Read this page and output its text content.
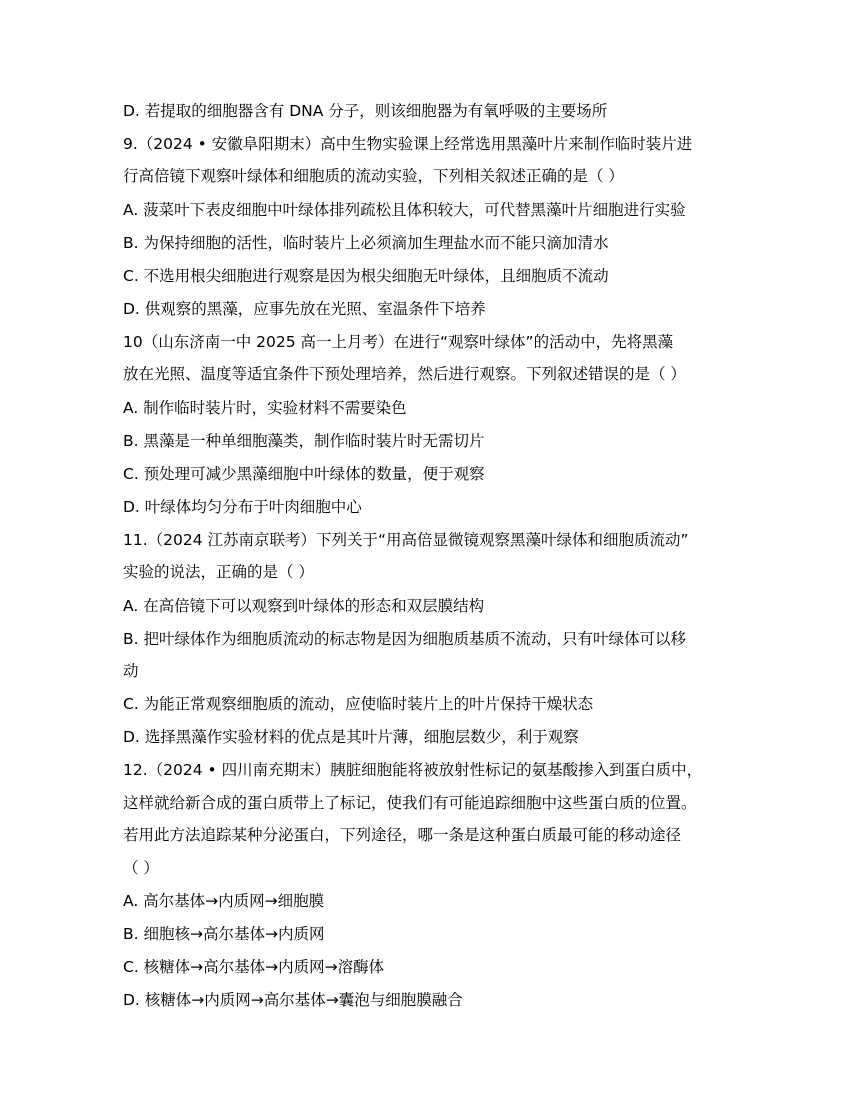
D. 若提取的细胞器含有 DNA 分子，则该细胞器为有氧呼吸的主要场所
9.（2024 • 安徽阜阳期末）高中生物实验课上经常选用黑藻叶片来制作临时装片进
行高倍镜下观察叶绿体和细胞质的流动实验，下列相关叙述正确的是（ ）
A. 菠菜叶下表皮细胞中叶绿体排列疏松且体积较大，可代替黑藻叶片细胞进行实验
B. 为保持细胞的活性，临时装片上必须滴加生理盐水而不能只滴加清水
C. 不选用根尖细胞进行观察是因为根尖细胞无叶绿体，且细胞质不流动
D. 供观察的黑藻，应事先放在光照、室温条件下培养
10（山东济南一中 2025 高一上月考）在进行“观察叶绿体”的活动中，先将黑藻
放在光照、温度等适宜条件下预处理培养，然后进行观察。下列叙述错误的是（ ）
A. 制作临时装片时，实验材料不需要染色
B. 黑藻是一种单细胞藻类，制作临时装片时无需切片
C. 预处理可减少黑藻细胞中叶绿体的数量，便于观察
D. 叶绿体均匀分布于叶肉细胞中心
11.（2024 江苏南京联考）下列关于“用高倍显微镜观察黑藻叶绿体和细胞质流动”
实验的说法，正确的是（ ）
A. 在高倍镜下可以观察到叶绿体的形态和双层膜结构
B. 把叶绿体作为细胞质流动的标志物是因为细胞质基质不流动，只有叶绿体可以移
动
C. 为能正常观察细胞质的流动，应使临时装片上的叶片保持干燥状态
D. 选择黑藻作实验材料的优点是其叶片薄，细胞层数少，利于观察
12.（2024 • 四川南充期末）胰脏细胞能将被放射性标记的氨基酸掺入到蛋白质中，
这样就给新合成的蛋白质带上了标记，使我们有可能追踪细胞中这些蛋白质的位置。
若用此方法追踪某种分泌蛋白，下列途径，哪一条是这种蛋白质最可能的移动途径
（ ）
A. 高尔基体→内质网→细胞膜
B. 细胞核→高尔基体→内质网
C. 核糖体→高尔基体→内质网→溶酶体
D. 核糖体→内质网→高尔基体→囊泡与细胞膜融合
